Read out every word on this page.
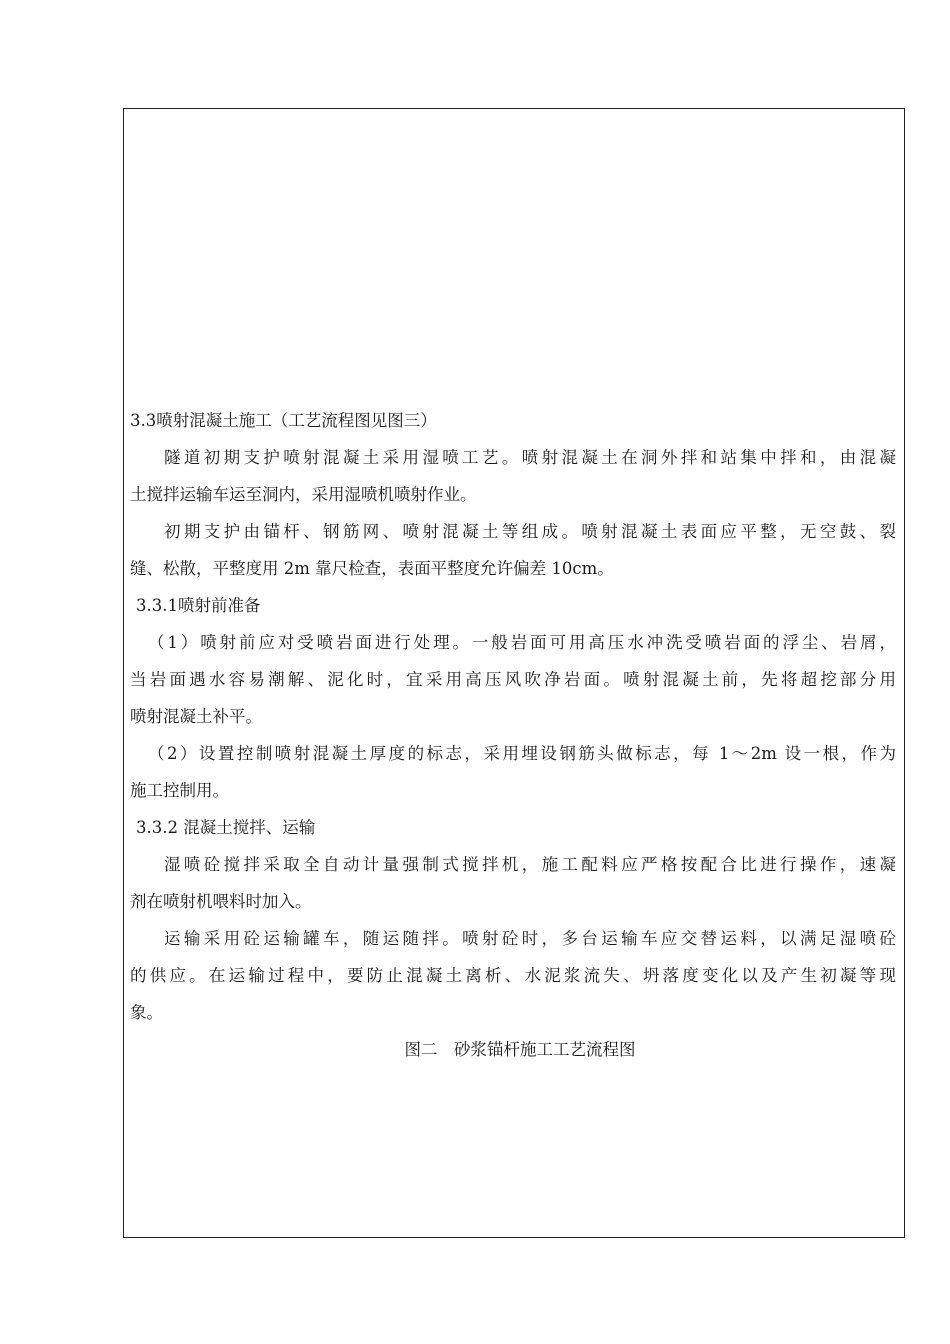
3.3喷射混凝土施工（工艺流程图见图三）

隧道初期支护喷射混凝土采用湿喷工艺。喷射混凝土在洞外拌和站集中拌和，由混凝

土搅拌运输车运至洞内，采用湿喷机喷射作业。

初期支护由锚杆、钢筋网、喷射混凝土等组成。喷射混凝土表面应平整，无空鼓、裂

缝、松散，平整度用 2m 靠尺检查，表面平整度允许偏差 10cm。

3.3.1喷射前准备

（1）喷射前应对受喷岩面进行处理。一般岩面可用高压水冲洗受喷岩面的浮尘、岩屑，

当岩面遇水容易潮解、泥化时，宜采用高压风吹净岩面。喷射混凝土前，先将超挖部分用

喷射混凝土补平。

（2）设置控制喷射混凝土厚度的标志，采用埋设钢筋头做标志，每 1～2m 设一根，作为

施工控制用。

3.3.2 混凝土搅拌、运输

湿喷砼搅拌采取全自动计量强制式搅拌机，施工配料应严格按配合比进行操作，速凝

剂在喷射机喂料时加入。

运输采用砼运输罐车，随运随拌。喷射砼时，多台运输车应交替运料，以满足湿喷砼

的供应。在运输过程中，要防止混凝土离析、水泥浆流失、坍落度变化以及产生初凝等现

象。

图二　砂浆锚杆施工工艺流程图
